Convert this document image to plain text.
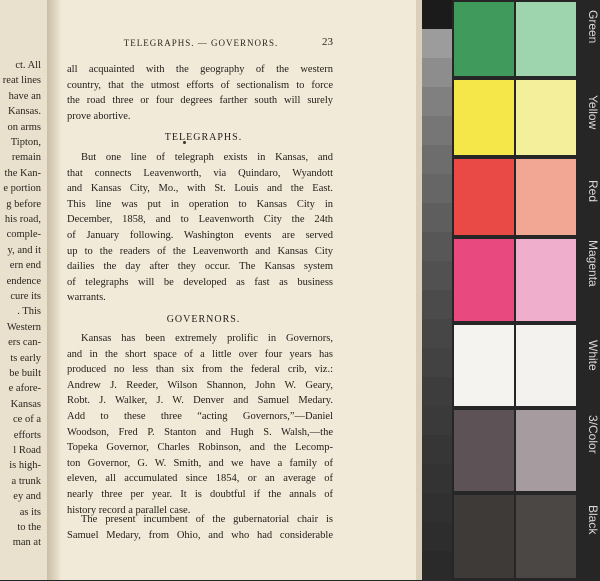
ct. All
reat lines
have an
Kansas.
on arms
Tipton,
remain
the Kan-
e portion
g before
his road,
comple-
y, and it
ern end
endence
cure its
. This
Western
ers can-
ts early
be built
e afore-
Kansas
ce of a
efforts
l Road
is high-
a trunk
ey and
as its
to the
man at
TELEGRAPHS. — GOVERNORS.	23
all acquainted with the geography of the western
country, that the utmost efforts of sectionalism to force
the road three or four degrees farther south will surely
prove abortive.
TELEGRAPHS.
But one line of telegraph exists in Kansas, and
that connects Leavenworth, via Quindaro, Wyandott
and Kansas City, Mo., with St. Louis and the East.
This line was put in operation to Kansas City in
December, 1858, and to Leavenworth City the 24th
of January following. Washington events are served
up to the readers of the Leavenworth and Kansas City
dailies the day after they occur. The Kansas system
of telegraphs will be developed as fast as business
warrants.
GOVERNORS.
Kansas has been extremely prolific in Governors,
and in the short space of a little over four years has
produced no less than six from the federal crib, viz.:
Andrew J. Reeder, Wilson Shannon, John W. Geary,
Robt. J. Walker, J. W. Denver and Samuel Medary.
Add to these three “acting Governors,”—Daniel
Woodson, Fred P. Stanton and Hugh S. Walsh,—the
Topeka Governor, Charles Robinson, and the Lecomp-
ton Governor, G. W. Smith, and we have a family of
eleven, all accumulated since 1854, or an average of
nearly three per year. It is doubtful if the annals of
history record a parallel case.
The present incumbent of the gubernatorial chair is
Samuel Medary, from Ohio, and who had considerable
Green
Yellow
Red
Magenta
White
3/Color
Black
